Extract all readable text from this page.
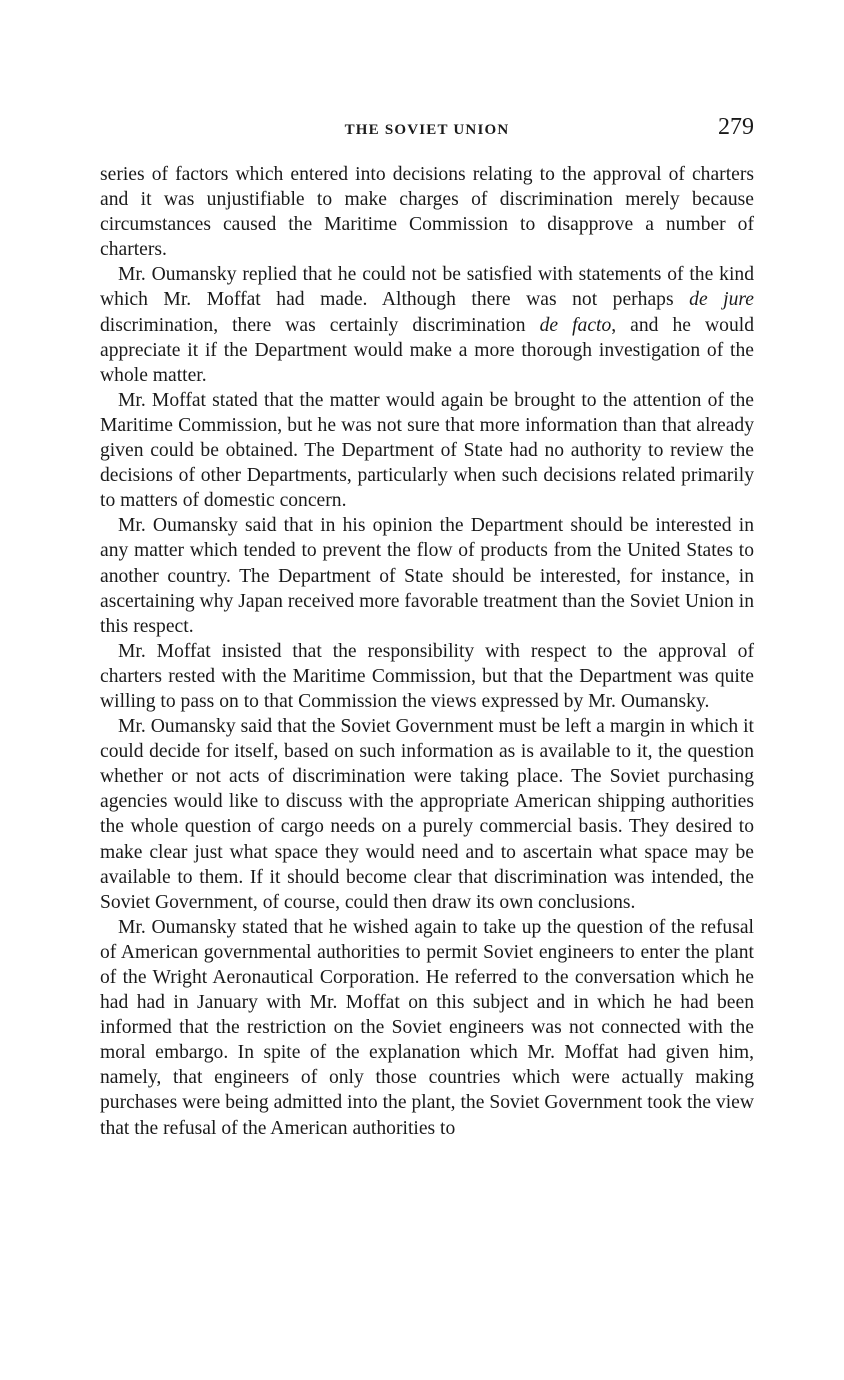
THE SOVIET UNION	279

series of factors which entered into decisions relating to the approval of charters and it was unjustifiable to make charges of discrimination merely because circumstances caused the Maritime Commission to disapprove a number of charters.

Mr. Oumansky replied that he could not be satisfied with statements of the kind which Mr. Moffat had made. Although there was not perhaps de jure discrimination, there was certainly discrimination de facto, and he would appreciate it if the Department would make a more thorough investigation of the whole matter.

Mr. Moffat stated that the matter would again be brought to the attention of the Maritime Commission, but he was not sure that more information than that already given could be obtained. The Department of State had no authority to review the decisions of other Departments, particularly when such decisions related primarily to matters of domestic concern.

Mr. Oumansky said that in his opinion the Department should be interested in any matter which tended to prevent the flow of products from the United States to another country. The Department of State should be interested, for instance, in ascertaining why Japan received more favorable treatment than the Soviet Union in this respect.

Mr. Moffat insisted that the responsibility with respect to the approval of charters rested with the Maritime Commission, but that the Department was quite willing to pass on to that Commission the views expressed by Mr. Oumansky.

Mr. Oumansky said that the Soviet Government must be left a margin in which it could decide for itself, based on such information as is available to it, the question whether or not acts of discrimination were taking place. The Soviet purchasing agencies would like to discuss with the appropriate American shipping authorities the whole question of cargo needs on a purely commercial basis. They desired to make clear just what space they would need and to ascertain what space may be available to them. If it should become clear that discrimination was intended, the Soviet Government, of course, could then draw its own conclusions.

Mr. Oumansky stated that he wished again to take up the question of the refusal of American governmental authorities to permit Soviet engineers to enter the plant of the Wright Aeronautical Corporation. He referred to the conversation which he had had in January with Mr. Moffat on this subject and in which he had been informed that the restriction on the Soviet engineers was not connected with the moral embargo. In spite of the explanation which Mr. Moffat had given him, namely, that engineers of only those countries which were actually making purchases were being admitted into the plant, the Soviet Government took the view that the refusal of the American authorities to
